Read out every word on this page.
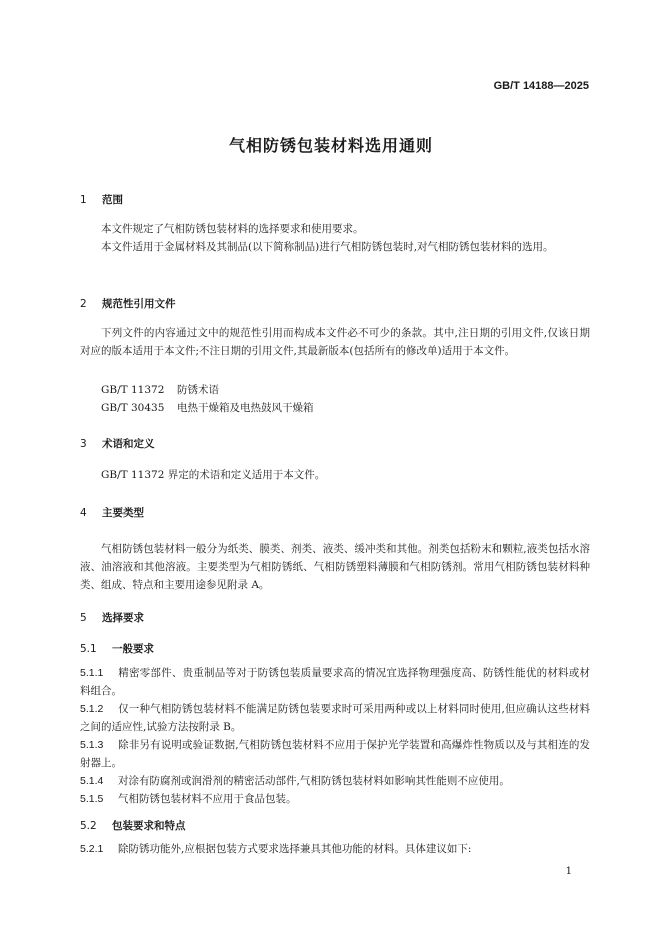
GB/T 14188—2025
气相防锈包装材料选用通则
1 范围
本文件规定了气相防锈包装材料的选择要求和使用要求。
本文件适用于金属材料及其制品(以下简称制品)进行气相防锈包装时,对气相防锈包装材料的选用。
2 规范性引用文件
下列文件的内容通过文中的规范性引用而构成本文件必不可少的条款。其中,注日期的引用文件,仅该日期对应的版本适用于本文件;不注日期的引用文件,其最新版本(包括所有的修改单)适用于本文件。
GB/T 11372 防锈术语
GB/T 30435 电热干燥箱及电热鼓风干燥箱
3 术语和定义
GB/T 11372 界定的术语和定义适用于本文件。
4 主要类型
气相防锈包装材料一般分为纸类、膜类、剂类、液类、缓冲类和其他。剂类包括粉末和颗粒,液类包括水溶液、油溶液和其他溶液。主要类型为气相防锈纸、气相防锈塑料薄膜和气相防锈剂。常用气相防锈包装材料种类、组成、特点和主要用途参见附录 A。
5 选择要求
5.1 一般要求
5.1.1 精密零部件、贵重制品等对于防锈包装质量要求高的情况宜选择物理强度高、防锈性能优的材料或材料组合。
5.1.2 仅一种气相防锈包装材料不能满足防锈包装要求时可采用两种或以上材料同时使用,但应确认这些材料之间的适应性,试验方法按附录 B。
5.1.3 除非另有说明或验证数据,气相防锈包装材料不应用于保护光学装置和高爆炸性物质以及与其相连的发射器上。
5.1.4 对涂有防腐剂或润滑剂的精密活动部件,气相防锈包装材料如影响其性能则不应使用。
5.1.5 气相防锈包装材料不应用于食品包装。
5.2 包装要求和特点
5.2.1 除防锈功能外,应根据包装方式要求选择兼具其他功能的材料。具体建议如下:
1
